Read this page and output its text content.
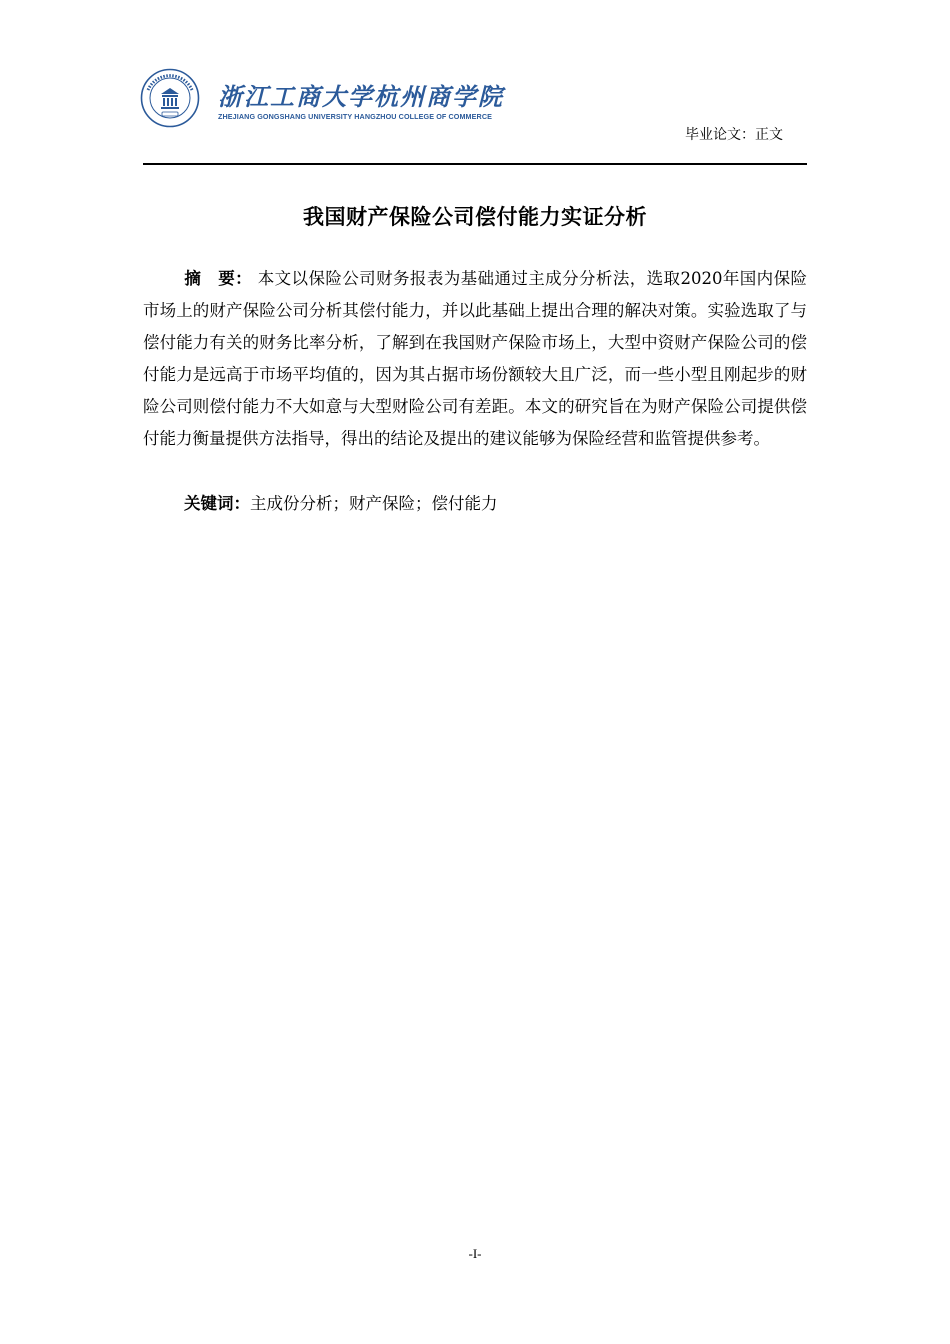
浙江工商大学杭州商学院
ZHEJIANG GONGSHANG UNIVERSITY HANGZHOU COLLEGE OF COMMERCE
毕业论文：正文
我国财产保险公司偿付能力实证分析

摘　要： 本文以保险公司财务报表为基础通过主成分分析法，选取2020年国内保险市场上的财产保险公司分析其偿付能力，并以此基础上提出合理的解决对策。实验选取了与偿付能力有关的财务比率分析，了解到在我国财产保险市场上，大型中资财产保险公司的偿付能力是远高于市场平均值的，因为其占据市场份额较大且广泛，而一些小型且刚起步的财险公司则偿付能力不大如意与大型财险公司有差距。本文的研究旨在为财产保险公司提供偿付能力衡量提供方法指导，得出的结论及提出的建议能够为保险经营和监管提供参考。

关键词：主成份分析；财产保险；偿付能力
-I-
